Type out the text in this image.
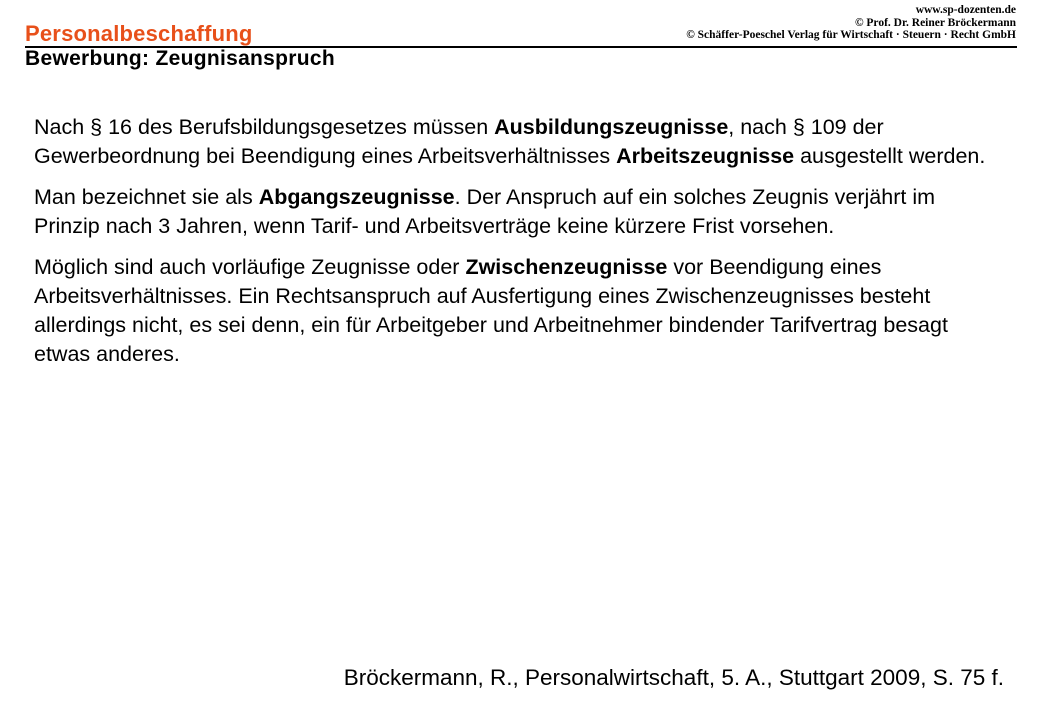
Personalbeschaffung
www.sp-dozenten.de
© Prof. Dr. Reiner Bröckermann
© Schäffer-Poeschel Verlag für Wirtschaft · Steuern · Recht GmbH
Bewerbung: Zeugnisanspruch

Nach § 16 des Berufsbildungsgesetzes müssen Ausbildungszeugnisse, nach § 109 der Gewerbeordnung bei Beendigung eines Arbeitsverhältnisses Arbeitszeugnisse ausgestellt werden.

Man bezeichnet sie als Abgangszeugnisse. Der Anspruch auf ein solches Zeugnis verjährt im Prinzip nach 3 Jahren, wenn Tarif- und Arbeitsverträge keine kürzere Frist vorsehen.

Möglich sind auch vorläufige Zeugnisse oder Zwischenzeugnisse vor Beendigung eines Arbeitsverhältnisses. Ein Rechtsanspruch auf Ausfertigung eines Zwischenzeugnisses besteht allerdings nicht, es sei denn, ein für Arbeitgeber und Arbeitnehmer bindender Tarifvertrag besagt etwas anderes.

Bröckermann, R., Personalwirtschaft, 5. A., Stuttgart 2009, S. 75 f.
